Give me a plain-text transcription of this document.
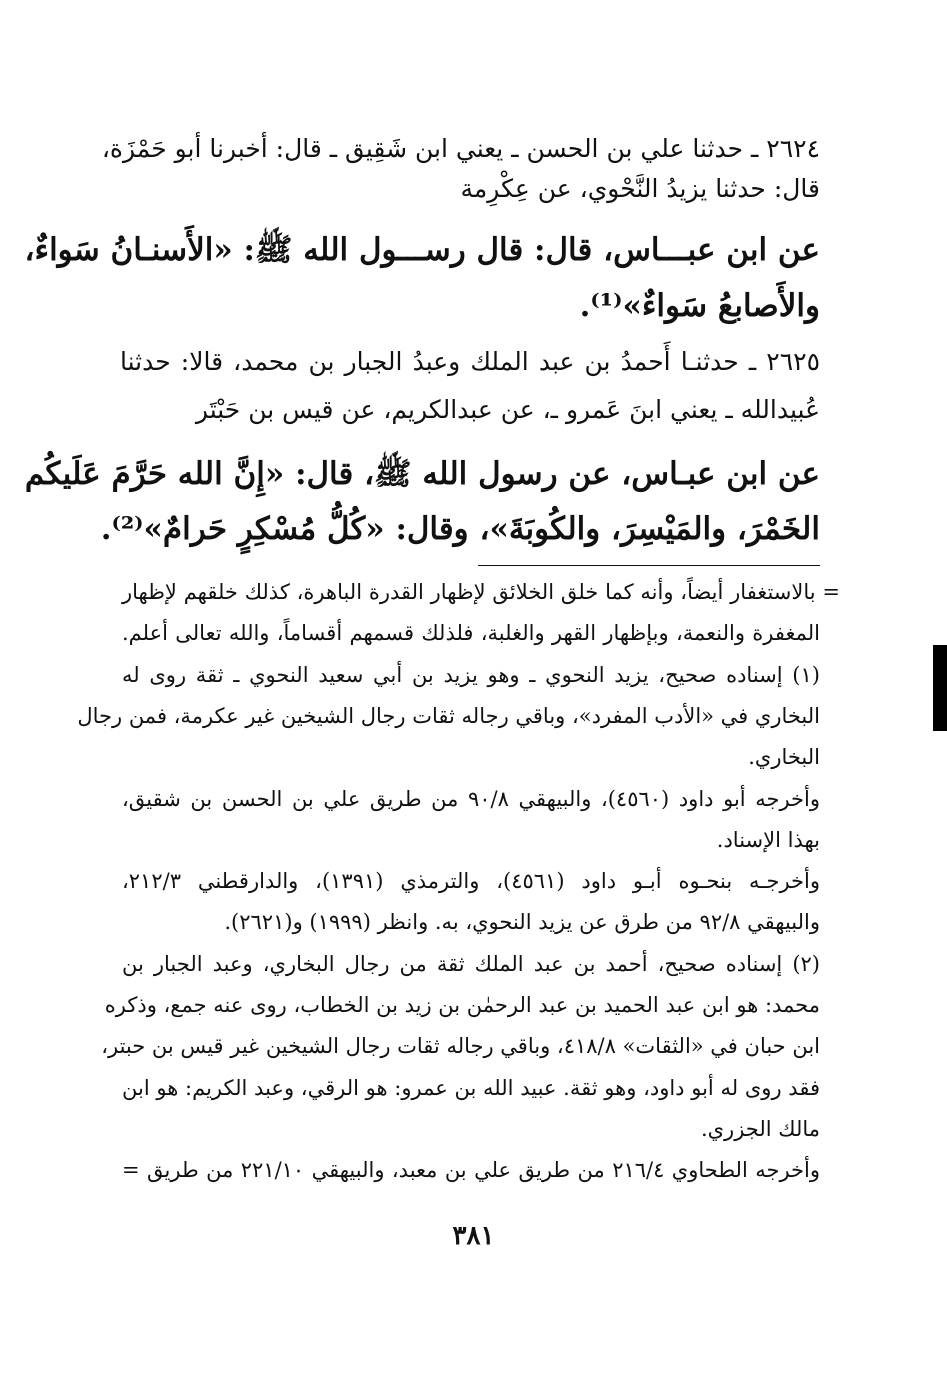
٢٦٢٤ ـ حدثنا علي بن الحسن ـ يعني ابن شَقِيق ـ قال: أخبرنا أبو حَمْزَة،
قال: حدثنا يزيدُ النَّحْوي، عن عِكْرِمة
عن ابن عبـــاس، قال: قال رســـول الله ﷺ: «الأَسنـانُ سَواءٌ،
والأَصابعُ سَواءٌ»⁽¹⁾.
٢٦٢٥ ـ حدثنـا أَحمدُ بن عبد الملك وعبدُ الجبار بن محمد، قالا: حدثنا
عُبيدالله ـ يعني ابنَ عَمرو ـ، عن عبدالكريم، عن قيس بن حَبْتَر
عن ابن عبـاس، عن رسول الله ﷺ، قال: «إِنَّ الله حَرَّمَ عَلَيكُم
الخَمْرَ، والمَيْسِرَ، والكُوبَةَ»، وقال: «كُلُّ مُسْكِرٍ حَرامٌ»⁽²⁾.
= بالاستغفار أيضاً، وأنه كما خلق الخلائق لإظهار القدرة الباهرة، كذلك خلقهم لإظهار
المغفرة والنعمة، وبإظهار القهر والغلبة، فلذلك قسمهم أقساماً، والله تعالى أعلم.
(١) إسناده صحيح، يزيد النحوي ـ وهو يزيد بن أبي سعيد النحوي ـ ثقة روى له
البخاري في «الأدب المفرد»، وباقي رجاله ثقات رجال الشيخين غير عكرمة، فمن رجال
البخاري.
وأخرجه أبو داود (٤٥٦٠)، والبيهقي ٩٠/٨ من طريق علي بن الحسن بن شقيق،
بهذا الإسناد.
وأخرجـه بنحـوه أبـو داود (٤٥٦١)، والترمذي (١٣٩١)، والدارقطني ٢١٢/٣،
والبيهقي ٩٢/٨ من طرق عن يزيد النحوي، به. وانظر (١٩٩٩) و(٢٦٢١).
(٢) إسناده صحيح، أحمد بن عبد الملك ثقة من رجال البخاري، وعبد الجبار بن
محمد: هو ابن عبد الحميد بن عبد الرحمٰن بن زيد بن الخطاب، روى عنه جمع، وذكره
ابن حبان في «الثقات» ٤١٨/٨، وباقي رجاله ثقات رجال الشيخين غير قيس بن حبتر،
فقد روى له أبو داود، وهو ثقة. عبيد الله بن عمرو: هو الرقي، وعبد الكريم: هو ابن
مالك الجزري.
وأخرجه الطحاوي ٢١٦/٤ من طريق علي بن معبد، والبيهقي ٢٢١/١٠ من طريق =
٣٨١
